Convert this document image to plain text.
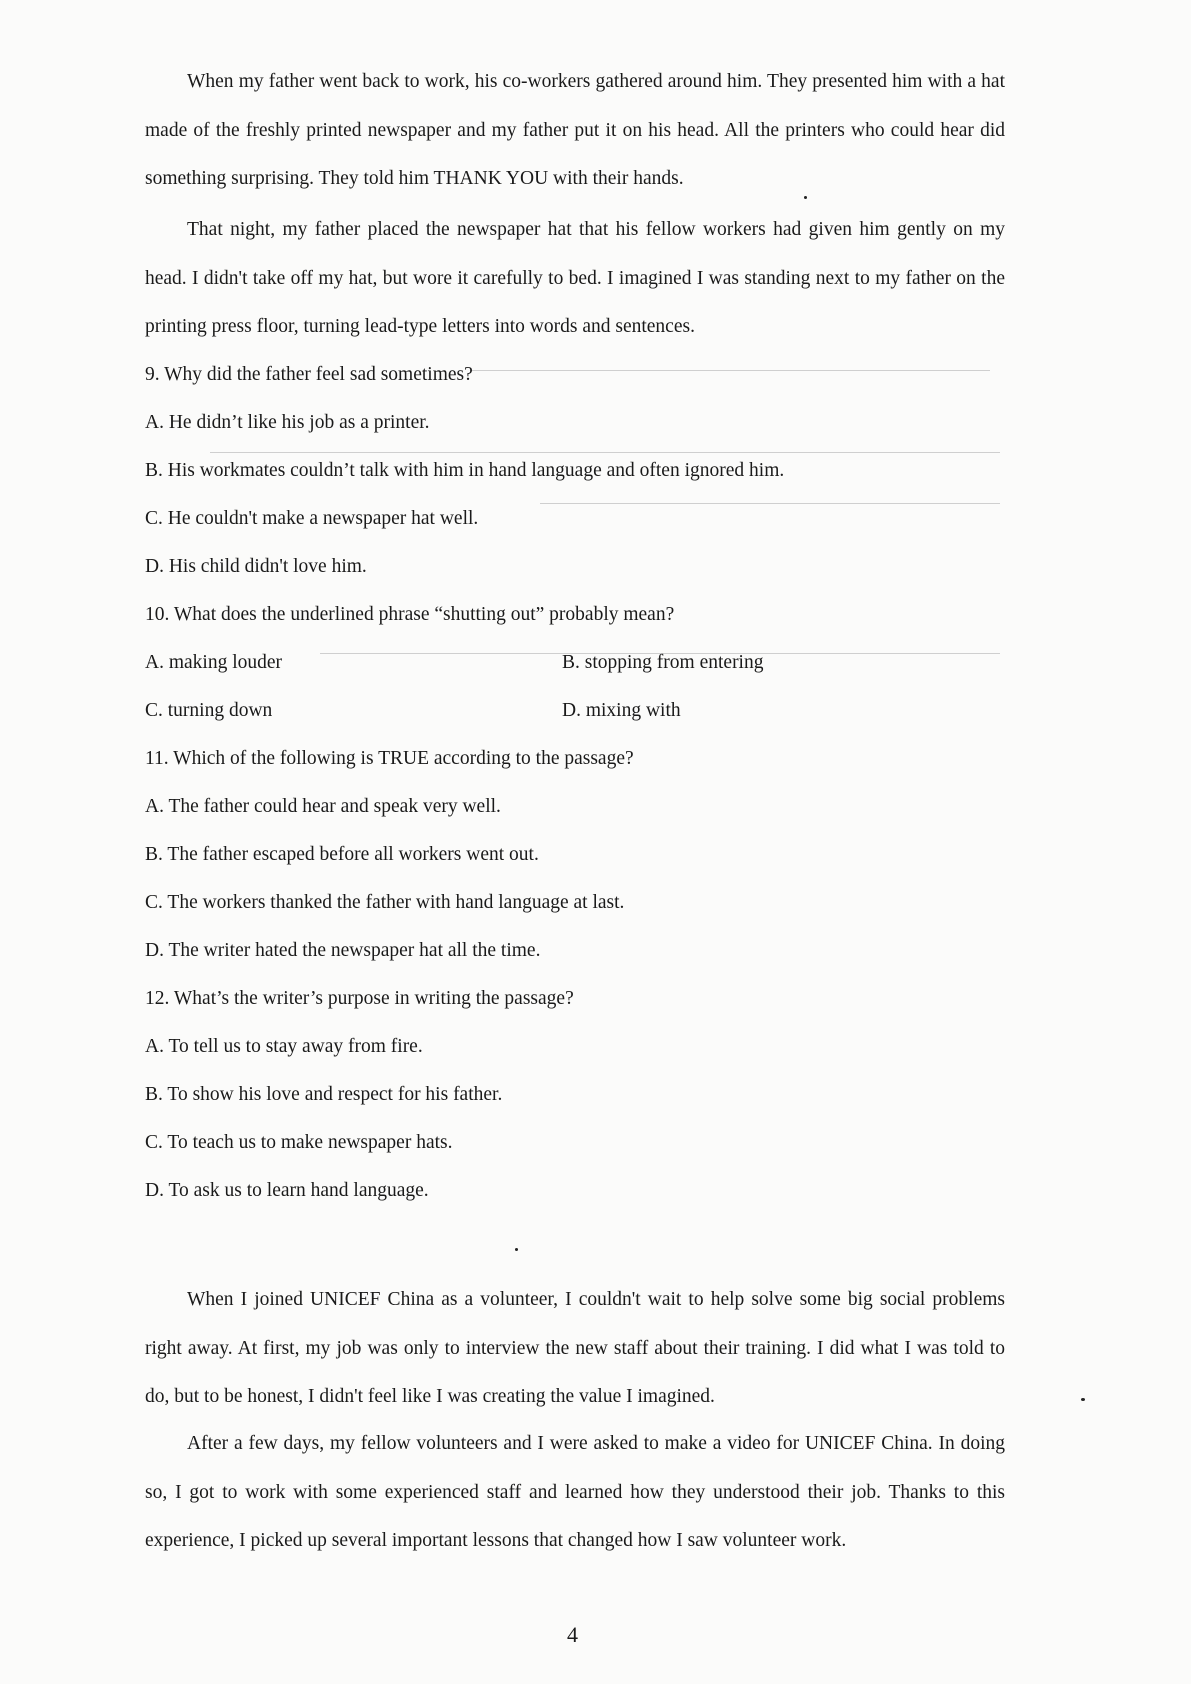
When my father went back to work, his co-workers gathered around him. They presented him with a hat made of the freshly printed newspaper and my father put it on his head. All the printers who could hear did something surprising. They told him THANK YOU with their hands.

That night, my father placed the newspaper hat that his fellow workers had given him gently on my head. I didn't take off my hat, but wore it carefully to bed. I imagined I was standing next to my father on the printing press floor, turning lead-type letters into words and sentences.

9. Why did the father feel sad sometimes?

A. He didn’t like his job as a printer.

B. His workmates couldn’t talk with him in hand language and often ignored him.

C. He couldn't make a newspaper hat well.

D. His child didn't love him.

10. What does the underlined phrase “shutting out” probably mean?

A. making louder	B. stopping from entering

C. turning down	D. mixing with

11. Which of the following is TRUE according to the passage?

A. The father could hear and speak very well.

B. The father escaped before all workers went out.

C. The workers thanked the father with hand language at last.

D. The writer hated the newspaper hat all the time.

12. What’s the writer’s purpose in writing the passage?

A. To tell us to stay away from fire.

B. To show his love and respect for his father.

C. To teach us to make newspaper hats.

D. To ask us to learn hand language.

When I joined UNICEF China as a volunteer, I couldn't wait to help solve some big social problems right away. At first, my job was only to interview the new staff about their training. I did what I was told to do, but to be honest, I didn't feel like I was creating the value I imagined.

After a few days, my fellow volunteers and I were asked to make a video for UNICEF China. In doing so, I got to work with some experienced staff and learned how they understood their job. Thanks to this experience, I picked up several important lessons that changed how I saw volunteer work.

4
